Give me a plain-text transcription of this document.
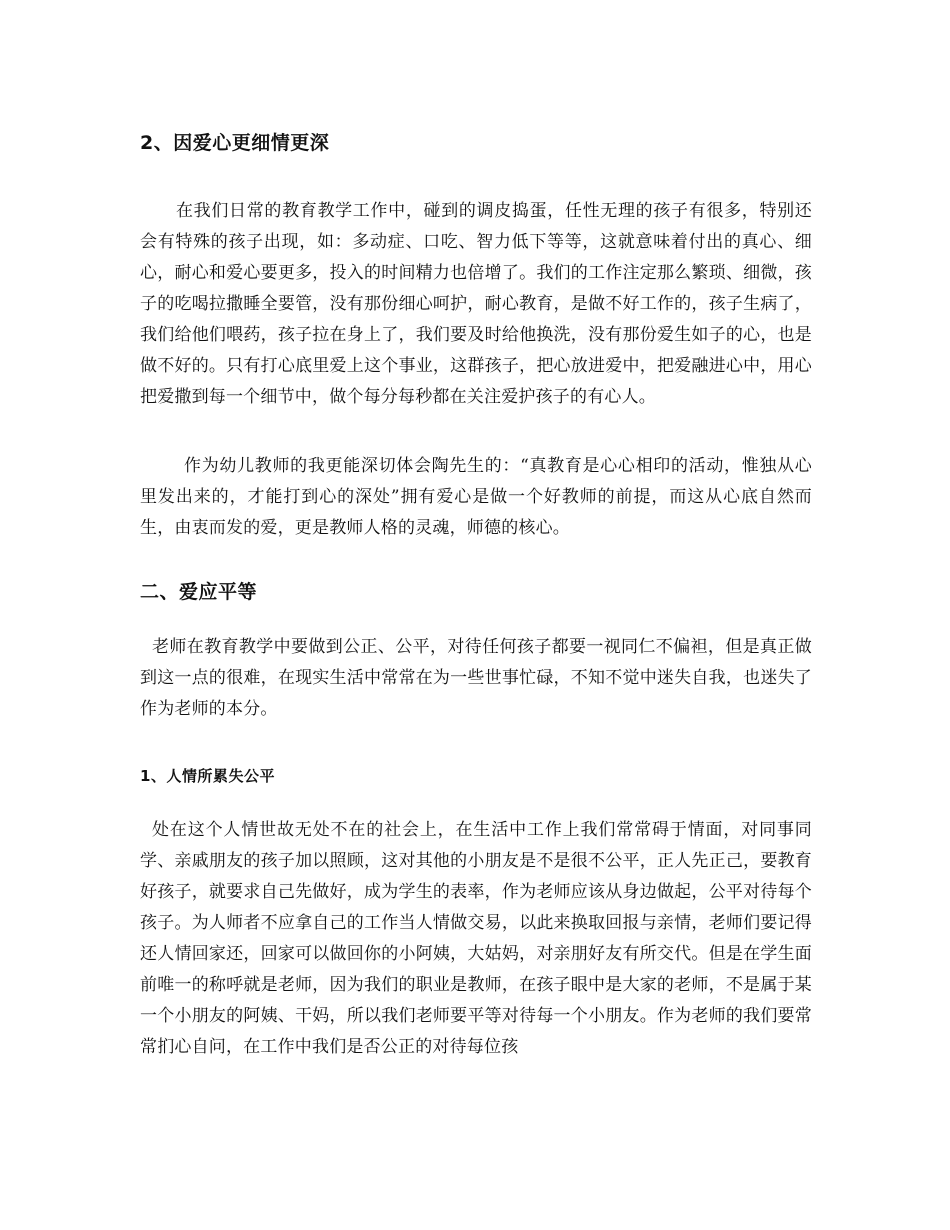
2、因爱心更细情更深

在我们日常的教育教学工作中，碰到的调皮捣蛋，任性无理的孩子有很多，特别还会有特殊的孩子出现，如：多动症、口吃、智力低下等等，这就意味着付出的真心、细心，耐心和爱心要更多，投入的时间精力也倍增了。我们的工作注定那么繁琐、细微，孩子的吃喝拉撒睡全要管，没有那份细心呵护，耐心教育，是做不好工作的，孩子生病了，我们给他们喂药，孩子拉在身上了，我们要及时给他换洗，没有那份爱生如子的心，也是做不好的。只有打心底里爱上这个事业，这群孩子，把心放进爱中，把爱融进心中，用心把爱撒到每一个细节中，做个每分每秒都在关注爱护孩子的有心人。

作为幼儿教师的我更能深切体会陶先生的：“真教育是心心相印的活动，惟独从心里发出来的，才能打到心的深处”拥有爱心是做一个好教师的前提，而这从心底自然而生，由衷而发的爱，更是教师人格的灵魂，师德的核心。

二、爱应平等

老师在教育教学中要做到公正、公平，对待任何孩子都要一视同仁不偏袒，但是真正做到这一点的很难，在现实生活中常常在为一些世事忙碌，不知不觉中迷失自我，也迷失了作为老师的本分。

1、人情所累失公平

处在这个人情世故无处不在的社会上，在生活中工作上我们常常碍于情面，对同事同学、亲戚朋友的孩子加以照顾，这对其他的小朋友是不是很不公平，正人先正己，要教育好孩子，就要求自己先做好，成为学生的表率，作为老师应该从身边做起，公平对待每个孩子。为人师者不应拿自己的工作当人情做交易，以此来换取回报与亲情，老师们要记得还人情回家还，回家可以做回你的小阿姨，大姑妈，对亲朋好友有所交代。但是在学生面前唯一的称呼就是老师，因为我们的职业是教师，在孩子眼中是大家的老师，不是属于某一个小朋友的阿姨、干妈，所以我们老师要平等对待每一个小朋友。作为老师的我们要常常扪心自问，在工作中我们是否公正的对待每位孩
